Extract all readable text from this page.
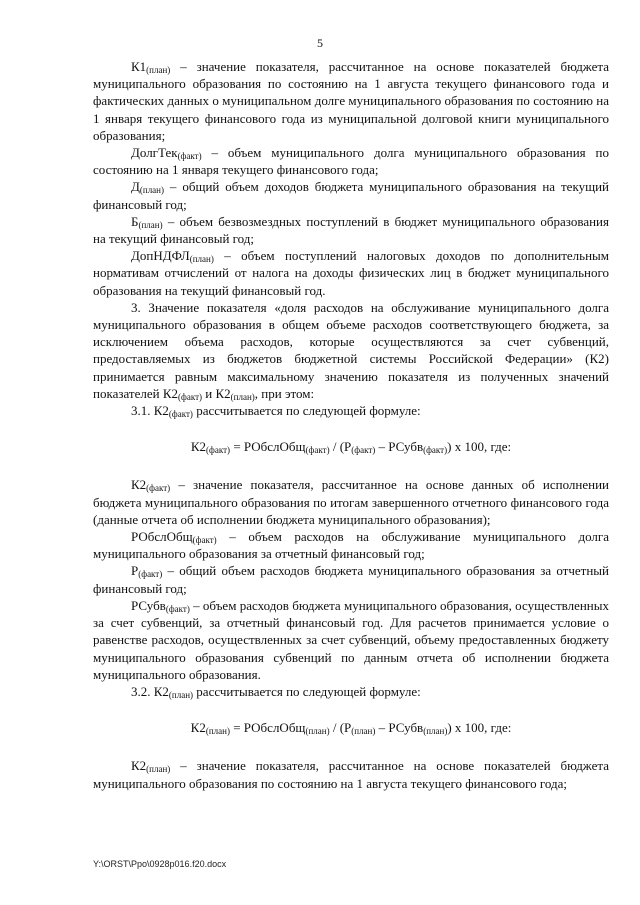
5

$К1_{(план)}$ – значение показателя, рассчитанное на основе показателей бюджета муниципального образования по состоянию на 1 августа текущего финансового года и фактических данных о муниципальном долге муниципального образования по состоянию на 1 января текущего финансового года из муниципальной долговой книги муниципального образования;

ДолгТек$_{(факт)}$ – объем муниципального долга муниципального образования по состоянию на 1 января текущего финансового года;

$Д_{(план)}$ – общий объем доходов бюджета муниципального образования на текущий финансовый год;

$Б_{(план)}$ – объем безвозмездных поступлений в бюджет муниципального образования на текущий финансовый год;

ДопНДФЛ$_{(план)}$ – объем поступлений налоговых доходов по дополнительным нормативам отчислений от налога на доходы физических лиц в бюджет муниципального образования на текущий финансовый год.

3. Значение показателя «доля расходов на обслуживание муниципального долга муниципального образования в общем объеме расходов соответствующего бюджета, за исключением объема расходов, которые осуществляются за счет субвенций, предоставляемых из бюджетов бюджетной системы Российской Федерации» (К2) принимается равным максимальному значению показателя из полученных значений показателей $К2_{(факт)}$ и $К2_{(план)}$, при этом:

3.1. $К2_{(факт)}$ рассчитывается по следующей формуле:

$К2_{(факт)}$ = РОбслОбщ$_{(факт)}$ / ($Р_{(факт)}$ – РСубв$_{(факт)}$) х 100, где:

$К2_{(факт)}$ – значение показателя, рассчитанное на основе данных об исполнении бюджета муниципального образования по итогам завершенного отчетного финансового года (данные отчета об исполнении бюджета муниципального образования);

РОбслОбщ$_{(факт)}$ – объем расходов на обслуживание муниципального долга муниципального образования за отчетный финансовый год;

$Р_{(факт)}$ – общий объем расходов бюджета муниципального образования за отчетный финансовый год;

РСубв$_{(факт)}$ – объем расходов бюджета муниципального образования, осуществленных за счет субвенций, за отчетный финансовый год. Для расчетов принимается условие о равенстве расходов, осуществленных за счет субвенций, объему предоставленных бюджету муниципального образования субвенций по данным отчета об исполнении бюджета муниципального образования.

3.2. $К2_{(план)}$ рассчитывается по следующей формуле:

$К2_{(план)}$ = РОбслОбщ$_{(план)}$ / ($Р_{(план)}$ – РСубв$_{(план)}$) х 100, где:

$К2_{(план)}$ – значение показателя, рассчитанное на основе показателей бюджета муниципального образования по состоянию на 1 августа текущего финансового года;

Y:\ORST\Ppo\0928p016.f20.docx
